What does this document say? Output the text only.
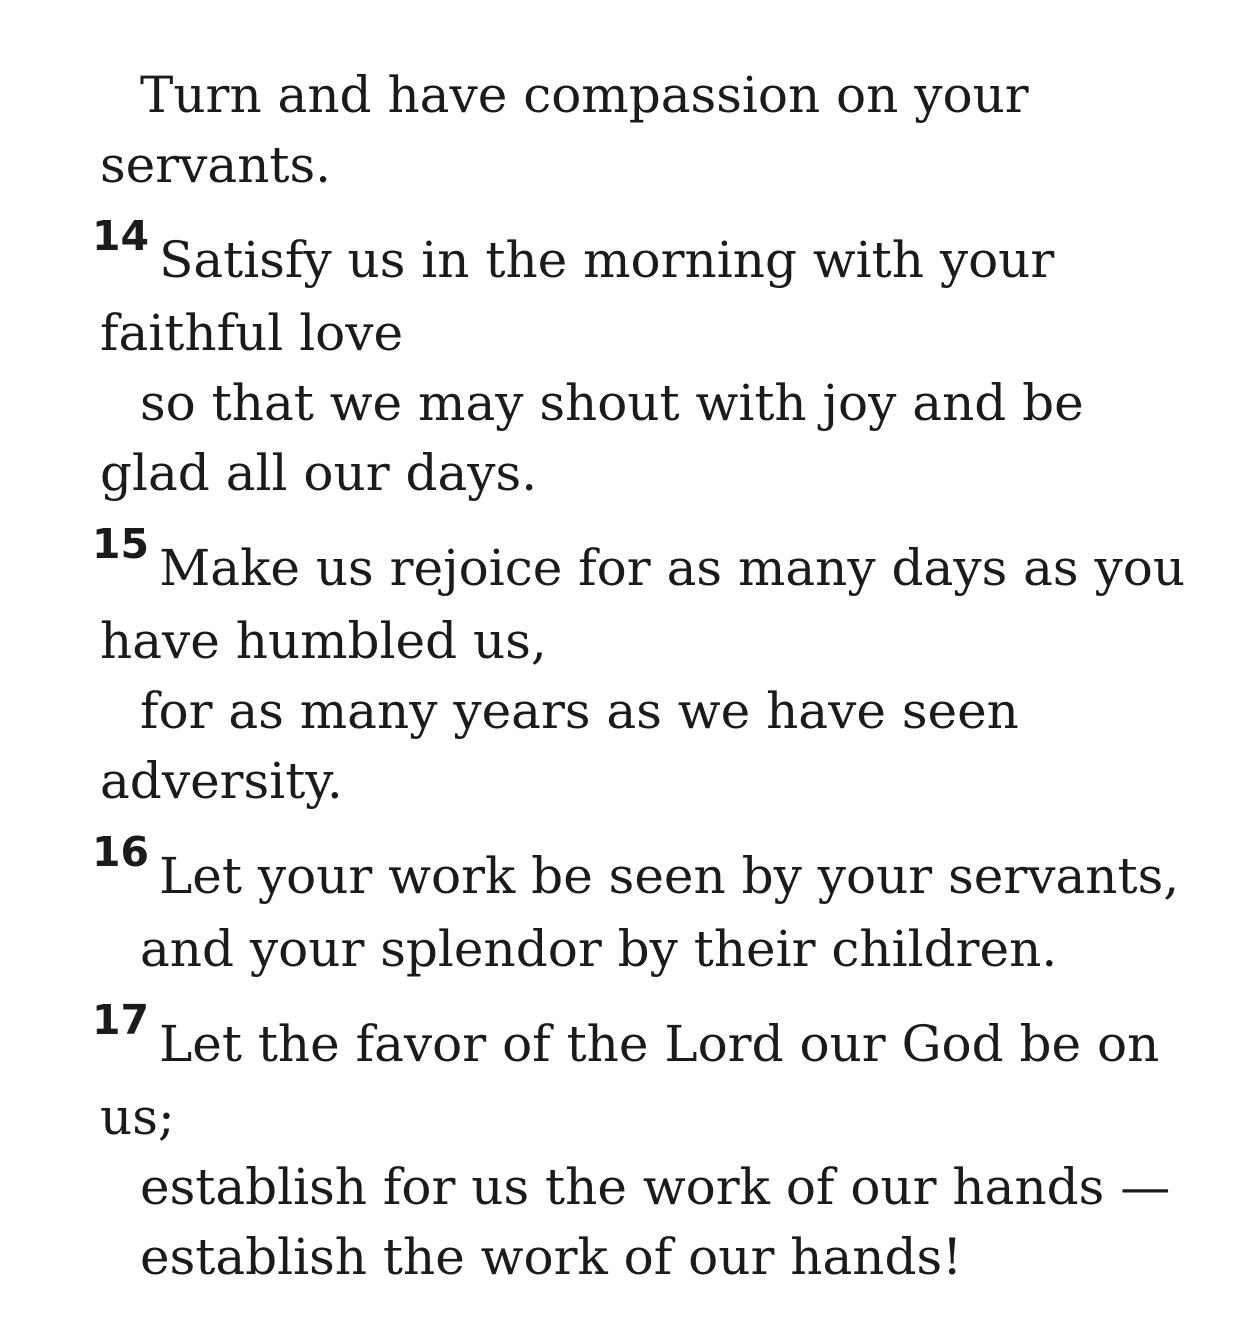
Turn and have compassion on your
servants.
14 Satisfy us in the morning with your
faithful love
so that we may shout with joy and be
glad all our days.
15 Make us rejoice for as many days as you
have humbled us,
for as many years as we have seen
adversity.
16 Let your work be seen by your servants,
and your splendor by their children.
17 Let the favor of the Lord our God be on
us;
establish for us the work of our hands —
establish the work of our hands!
